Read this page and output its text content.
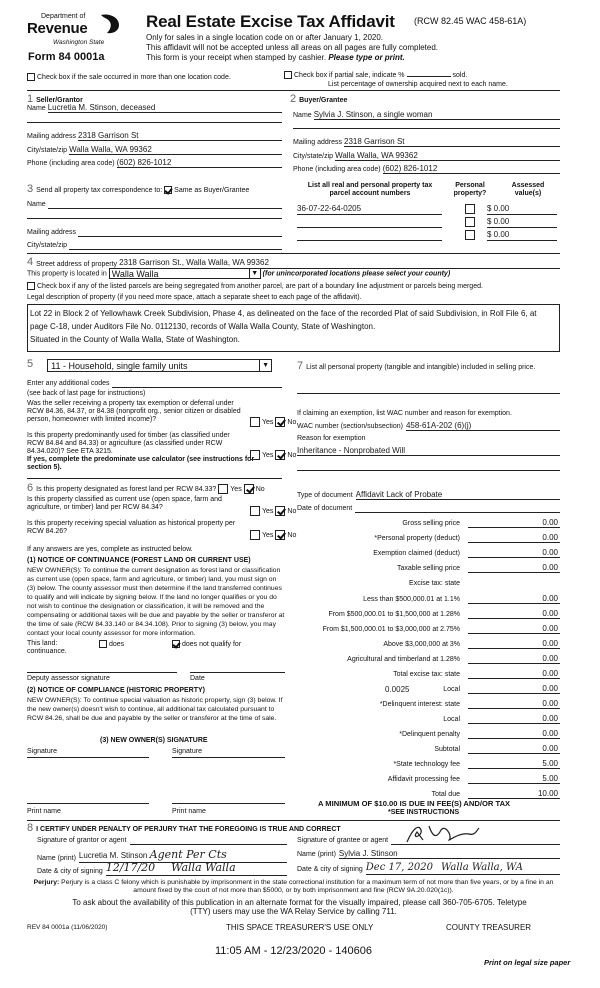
Department of
Revenue
Washington State
Form 84 0001a
Real Estate Excise Tax Affidavit (RCW 82.45 WAC 458-61A)
Only for sales in a single location code on or after January 1, 2020.
This affidavit will not be accepted unless all areas on all pages are fully completed.
This form is your receipt when stamped by cashier. Please type or print.
Check box if the sale occurred in more than one location code.	Check box if partial sale, indicate %	sold.
List percentage of ownership acquired next to each name.
1 Seller/Grantor
Name Lucretia M. Stinson, deceased
Mailing address 2318 Garrison St
City/state/zip Walla Walla, WA 99362
Phone (including area code) (602) 826-1012
2 Buyer/Grantee
Name Sylvia J. Stinson, a single woman
Mailing address 2318 Garrison St
City/state/zip Walla Walla, WA 99362
Phone (including area code) (602) 826-1012
3 Send all property tax correspondence to: Same as Buyer/Grantee
Name
Mailing address
City/state/zip
List all real and personal property tax parcel account numbers
Personal property?
Assessed value(s)
36-07-22-64-0205	$ 0.00
$ 0.00
$ 0.00
4 Street address of property 2318 Garrison St., Walla Walla, WA 99362
This property is located in Walla Walla	▼ (for unincorporated locations please select your county)
Check box if any of the listed parcels are being segregated from another parcel, are part of a boundary line adjustment or parcels being merged.
Legal description of property (if you need more space, attach a separate sheet to each page of the affidavit).
Lot 22 in Block 2 of Yellowhawk Creek Subdivision, Phase 4, as delineated on the face of the recorded Plat of said Subdivision, in Roll File 6, at
page C-18, under Auditors File No. 0112130, records of Walla Walla County, State of Washington.
Situated in the County of Walla Walla, State of Washington.
5 11 - Household, single family units	▼
Enter any additional codes
(see back of last page for instructions)
Was the seller receiving a property tax exemption or deferral under RCW 84.36, 84.37, or 84.38 (nonprofit org., senior citizen or disabled person, homeowner with limited income)?	Yes No
Is this property predominantly used for timber (as classified under RCW 84.84 and 84.33) or agriculture (as classified under RCW 84.34.020)? See ETA 3215.
Yes No
If yes, complete the predominate use calculator (see instructions for section 5).
6 Is this property designated as forest land per RCW 84.33? Yes No
Is this property classified as current use (open space, farm and agriculture, or timber) land per RCW 84.34?
Yes No
Is this property receiving special valuation as historical property per RCW 84.26?
Yes No
If any answers are yes, complete as instructed below.
(1) NOTICE OF CONTINUANCE (FOREST LAND OR CURRENT USE)
NEW OWNER(S): To continue the current designation as forest land or classification as current use (open space, farm and agriculture, or timber) land, you must sign on (3) below. The county assessor must then determine if the land transferred continues to qualify and will indicate by signing below. If the land no longer qualifies or you do not wish to continue the designation or classification, it will be removed and the compensating or additional taxes will be due and payable by the seller or transferor at the time of sale (RCW 84.33.140 or 84.34.108). Prior to signing (3) below, you may contact your local county assessor for more information.
This land:	does	does not qualify for
continuance.
Deputy assessor signature	Date
(2) NOTICE OF COMPLIANCE (HISTORIC PROPERTY)
NEW OWNER(S): To continue special valuation as historic property, sign (3) below. If the new owner(s) doesn't wish to continue, all additional tax calculated pursuant to RCW 84.26, shall be due and payable by the seller or transferor at the time of sale.
(3) NEW OWNER(S) SIGNATURE
Signature	Signature
Print name	Print name
7 List all personal property (tangible and intangible) included in selling price.
If claiming an exemption, list WAC number and reason for exemption.
WAC number (section/subsection) 458-61A-202 (6)(j)
Reason for exemption
Inheritance - Nonprobated Will
Type of document Affidavit Lack of Probate
Date of document
Gross selling price	0.00
*Personal property (deduct)	0.00
Exemption claimed (deduct)	0.00
Taxable selling price	0.00
Excise tax: state
Less than $500,000.01 at 1.1%	0.00
From $500,000.01 to $1,500,000 at 1.28%	0.00
From $1,500,000.01 to $3,000,000 at 2.75%	0.00
Above $3,000,000 at 3%	0.00
Agricultural and timberland at 1.28%	0.00
Total excise tax: state	0.00
0.0025	Local	0.00
*Delinquent interest: state	0.00
Local	0.00
*Delinquent penalty	0.00
Subtotal	0.00
*State technology fee	5.00
Affidavit processing fee	5.00
Total due	10.00
A MINIMUM OF $10.00 IS DUE IN FEE(S) AND/OR TAX
*SEE INSTRUCTIONS
8 I CERTIFY UNDER PENALTY OF PERJURY THAT THE FOREGOING IS TRUE AND CORRECT
Signature of grantor or agent
Name (print) Lucretia M. Stinson Agent Per Cts
Date & city of signing 12/17/20 Walla Walla
Signature of grantee or agent
Name (print) Sylvia J. Stinson
Date & city of signing Dec 17, 2020 Walla Walla, WA
Perjury: Perjury is a class C felony which is punishable by imprisonment in the state correctional institution for a maximum term of not more than five years, or by a fine in an amount fixed by the court of not more than $5000, or by both imprisonment and fine (RCW 9A.20.020(1c)).
To ask about the availability of this publication in an alternate format for the visually impaired, please call 360-705-6705. Teletype
(TTY) users may use the WA Relay Service by calling 711.
REV 84 0001a (11/06/2020)	THIS SPACE TREASURER'S USE ONLY	COUNTY TREASURER
11:05 AM - 12/23/2020 - 140606
Print on legal size paper
